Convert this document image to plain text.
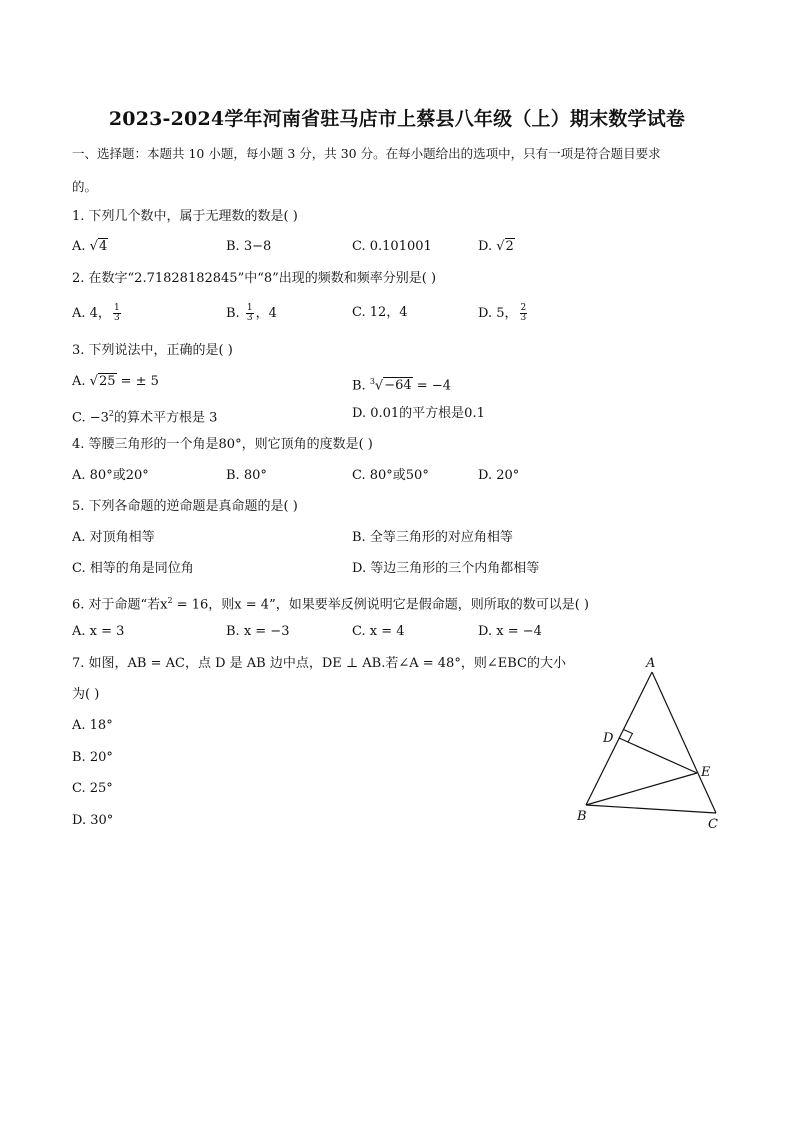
2023-2024学年河南省驻马店市上蔡县八年级（上）期末数学试卷
一、选择题：本题共 10 小题，每小题 3 分，共 30 分。在每小题给出的选项中，只有一项是符合题目要求
的。
1. 下列几个数中，属于无理数的数是( )
A. √4	B. 3−8	C. 0.101001	D. √2
2. 在数字“2.71828182845”中“8”出现的频数和频率分别是( )
A. 4， $\frac{1}{3}$	B. $\frac{1}{3}$ ，4	C. 12，4	D. 5， $\frac{2}{3}$
3. 下列说法中，正确的是( )
A. √25 = ± 5	B. $^3$√−64 = −4
C. $-3^2$的算术平方根是 3	D. 0.01的平方根是0.1
4. 等腰三角形的一个角是80°，则它顶角的度数是( )
A. 80°或20°	B. 80°	C. 80°或50°	D. 20°
5. 下列各命题的逆命题是真命题的是( )
A. 对顶角相等	B. 全等三角形的对应角相等
C. 相等的角是同位角	D. 等边三角形的三个内角都相等
6. 对于命题“若$x^2 = 16$，则x = 4”，如果要举反例说明它是假命题，则所取的数可以是( )
A. x = 3	B. x = −3	C. x = 4	D. x = −4
7. 如图，AB = AC，点 D 是 AB 边中点，DE ⊥ AB.若∠A = 48°，则∠EBC的大小
为( )
A. 18°
B. 20°
C. 25°
D. 30°
A
D
E
B
C
